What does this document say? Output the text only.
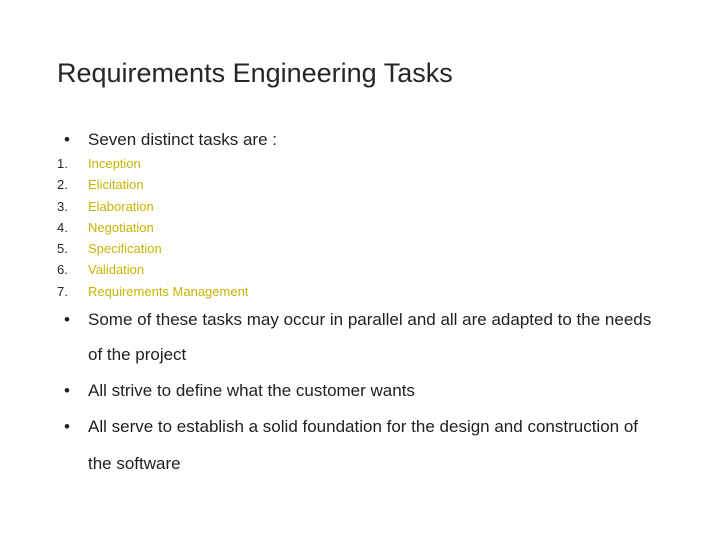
Requirements Engineering Tasks
•	Seven distinct tasks are :
1. Inception
2. Elicitation
3. Elaboration
4. Negotiation
5. Specification
6. Validation
7. Requirements Management
•	Some of these tasks may occur in parallel and all are adapted to the needs
of the project
•	All strive to define what the customer wants
•	All serve to establish a solid foundation for the design and construction of
the software
